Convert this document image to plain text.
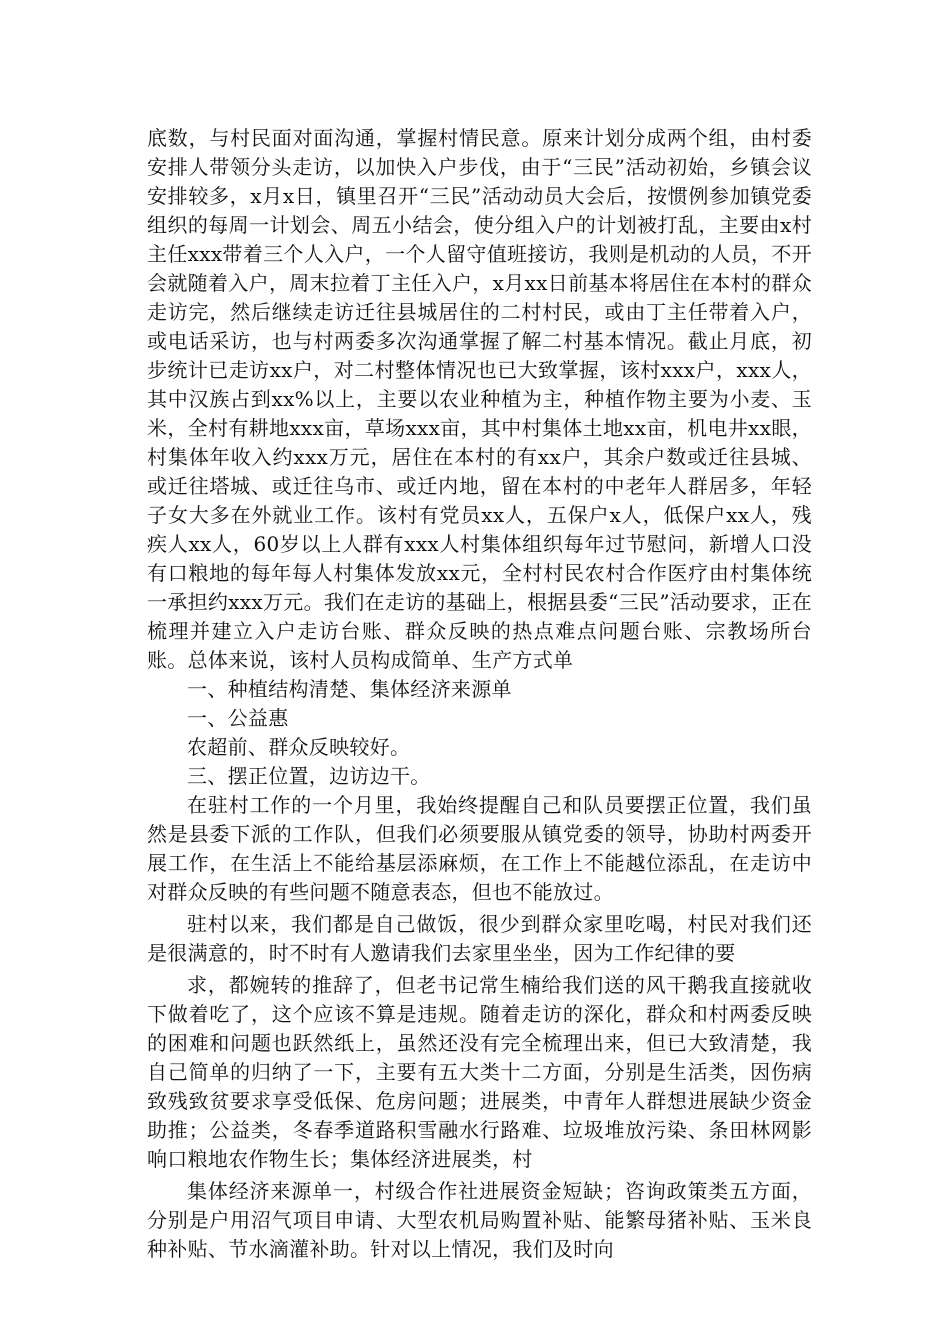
底数，与村民面对面沟通，掌握村情民意。原来计划分成两个组，由村委安排人带领分头走访，以加快入户步伐，由于“三民”活动初始，乡镇会议安排较多，x月x日，镇里召开“三民”活动动员大会后，按惯例参加镇党委组织的每周一计划会、周五小结会，使分组入户的计划被打乱，主要由x村主任xxx带着三个人入户，一个人留守值班接访，我则是机动的人员，不开会就随着入户，周末拉着丁主任入户，x月xx日前基本将居住在本村的群众走访完，然后继续走访迁往县城居住的二村村民，或由丁主任带着入户，或电话采访，也与村两委多次沟通掌握了解二村基本情况。截止月底，初步统计已走访xx户，对二村整体情况也已大致掌握，该村xxx户，xxx人，其中汉族占到xx%以上，主要以农业种植为主，种植作物主要为小麦、玉米，全村有耕地xxx亩，草场xxx亩，其中村集体土地xx亩，机电井xx眼，村集体年收入约xxx万元，居住在本村的有xx户，其余户数或迁往县城、或迁往塔城、或迁往乌市、或迁内地，留在本村的中老年人群居多，年轻子女大多在外就业工作。该村有党员xx人，五保户x人，低保户xx人，残疾人xx人，60岁以上人群有xxx人村集体组织每年过节慰问，新增人口没有口粮地的每年每人村集体发放xx元，全村村民农村合作医疗由村集体统一承担约xxx万元。我们在走访的基础上，根据县委“三民”活动要求，正在梳理并建立入户走访台账、群众反映的热点难点问题台账、宗教场所台账。总体来说，该村人员构成简单、生产方式单

一、种植结构清楚、集体经济来源单

一、公益惠

农超前、群众反映较好。

三、摆正位置，边访边干。

在驻村工作的一个月里，我始终提醒自己和队员要摆正位置，我们虽然是县委下派的工作队，但我们必须要服从镇党委的领导，协助村两委开展工作，在生活上不能给基层添麻烦，在工作上不能越位添乱，在走访中对群众反映的有些问题不随意表态，但也不能放过。

驻村以来，我们都是自己做饭，很少到群众家里吃喝，村民对我们还是很满意的，时不时有人邀请我们去家里坐坐，因为工作纪律的要

求，都婉转的推辞了，但老书记常生楠给我们送的风干鹅我直接就收下做着吃了，这个应该不算是违规。随着走访的深化，群众和村两委反映的困难和问题也跃然纸上，虽然还没有完全梳理出来，但已大致清楚，我自己简单的归纳了一下，主要有五大类十二方面，分别是生活类，因伤病致残致贫要求享受低保、危房问题；进展类，中青年人群想进展缺少资金助推；公益类，冬春季道路积雪融水行路难、垃圾堆放污染、条田林网影响口粮地农作物生长；集体经济进展类，村

集体经济来源单一，村级合作社进展资金短缺；咨询政策类五方面，分别是户用沼气项目申请、大型农机局购置补贴、能繁母猪补贴、玉米良种补贴、节水滴灌补助。针对以上情况，我们及时向
